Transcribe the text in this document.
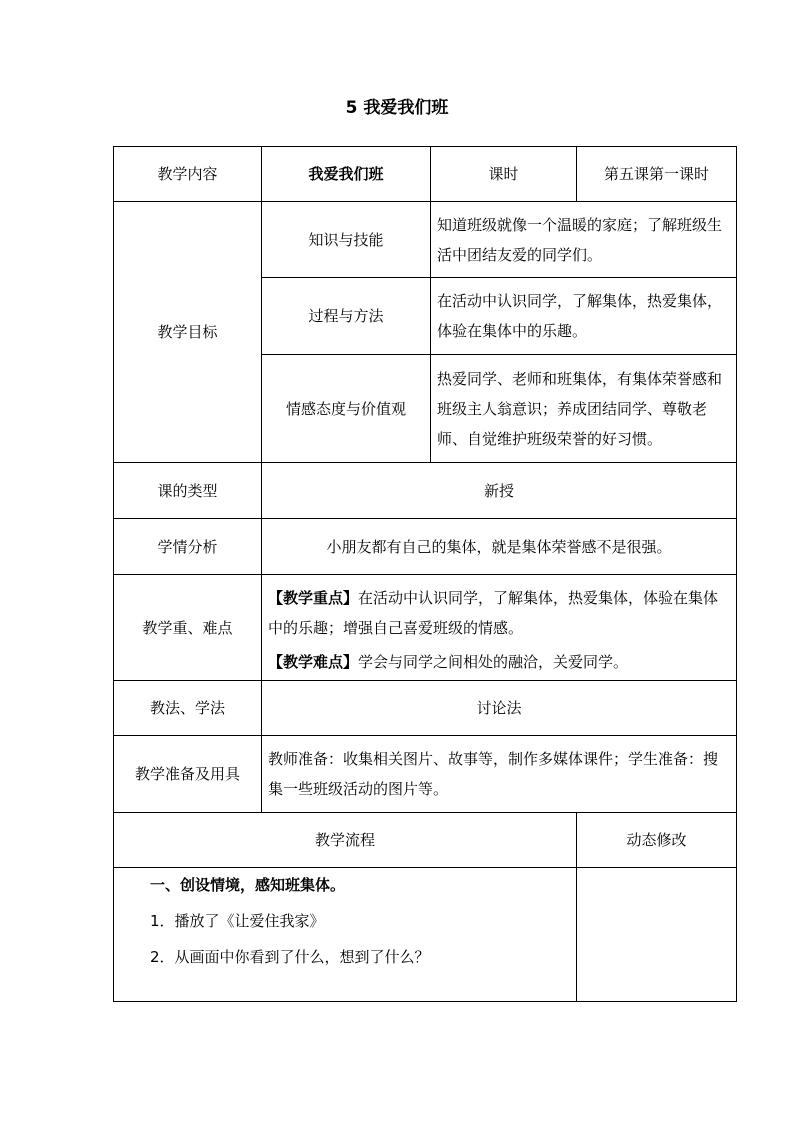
5 我爱我们班
教学内容	我爱我们班	课时	第五课第一课时
教学目标	知识与技能	知道班级就像一个温暖的家庭；了解班级生活中团结友爱的同学们。	
	过程与方法	在活动中认识同学，了解集体，热爱集体，体验在集体中的乐趣。	
	情感态度与价值观	热爱同学、老师和班集体，有集体荣誉感和班级主人翁意识；养成团结同学、尊敬老师、自觉维护班级荣誉的好习惯。	
课的类型	新授		
学情分析	小朋友都有自己的集体，就是集体荣誉感不是很强。		
教学重、难点	【教学重点】在活动中认识同学，了解集体，热爱集体，体验在集体中的乐趣；增强自己喜爱班级的情感。

【教学难点】学会与同学之间相处的融洽，关爱同学。		

教法、学法	讨论法		
教学准备及用具	教师准备：收集相关图片、故事等，制作多媒体课件；学生准备：搜集一些班级活动的图片等。		
教学流程			动态修改

一、创设情境，感知班集体。
1．播放了《让爱住我家》
2．从画面中你看到了什么，想到了什么？			
